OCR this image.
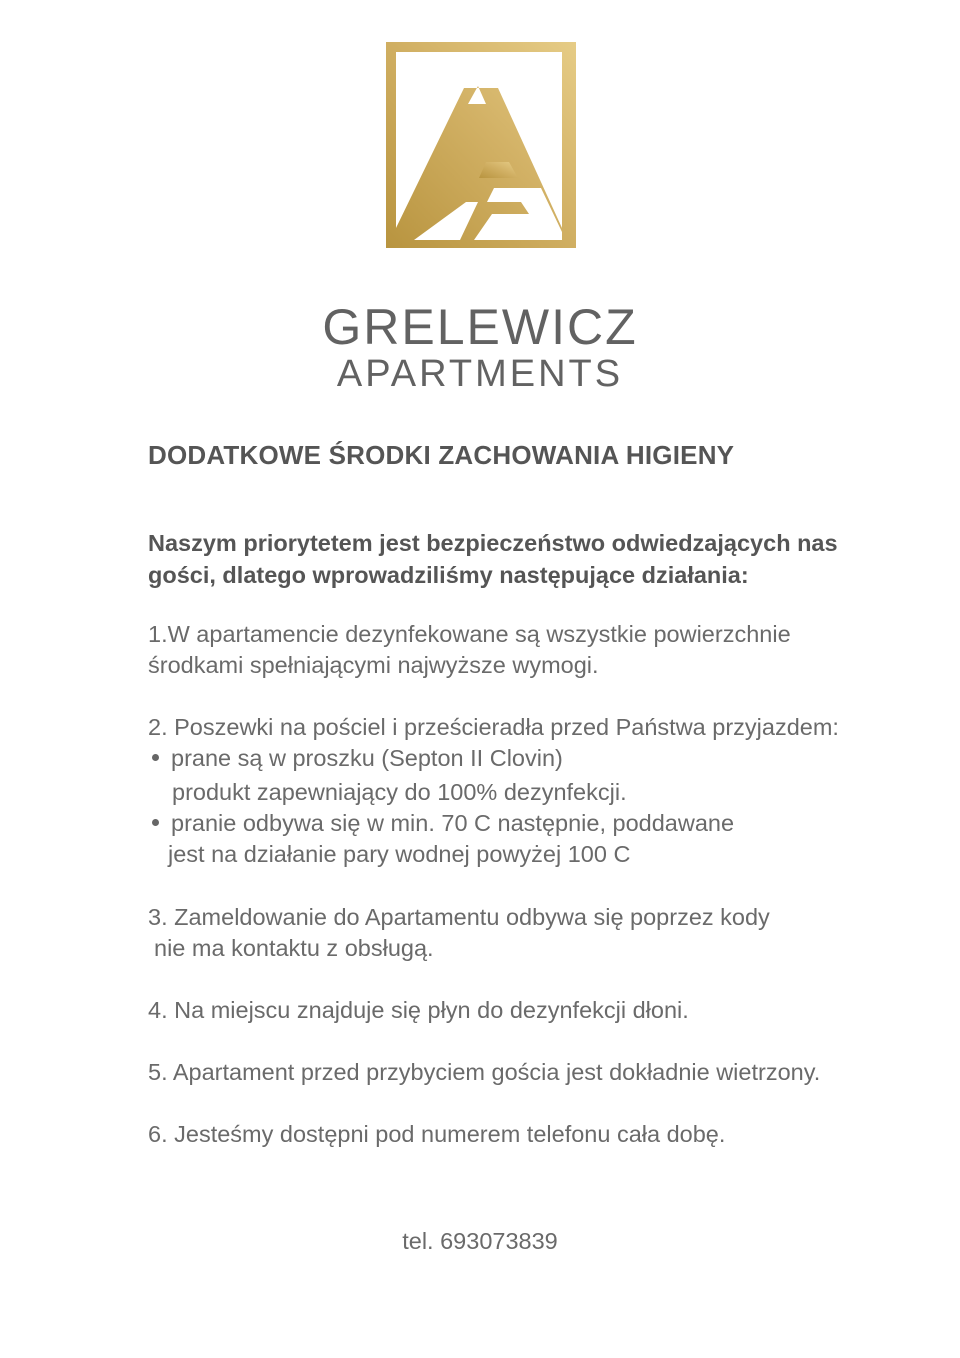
GRELEWICZ
APARTMENTS
DODATKOWE ŚRODKI ZACHOWANIA HIGIENY
Naszym priorytetem jest bezpieczeństwo odwiedzających nas
gości, dlatego wprowadziliśmy następujące działania:
1.W apartamencie dezynfekowane są wszystkie powierzchnie
środkami spełniającymi najwyższe wymogi.
2. Poszewki na pościel i prześcieradła przed Państwa przyjazdem:
prane są w proszku (Septon II Clovin)
produkt zapewniający do 100% dezynfekcji.
pranie odbywa się w min. 70 C następnie, poddawane
jest na działanie pary wodnej powyżej 100 C
3. Zameldowanie do Apartamentu odbywa się poprzez kody
nie ma kontaktu z obsługą.
4. Na miejscu znajduje się płyn do dezynfekcji dłoni.
5. Apartament przed przybyciem gościa jest dokładnie wietrzony.
6. Jesteśmy dostępni pod numerem telefonu cała dobę.
tel. 693073839
